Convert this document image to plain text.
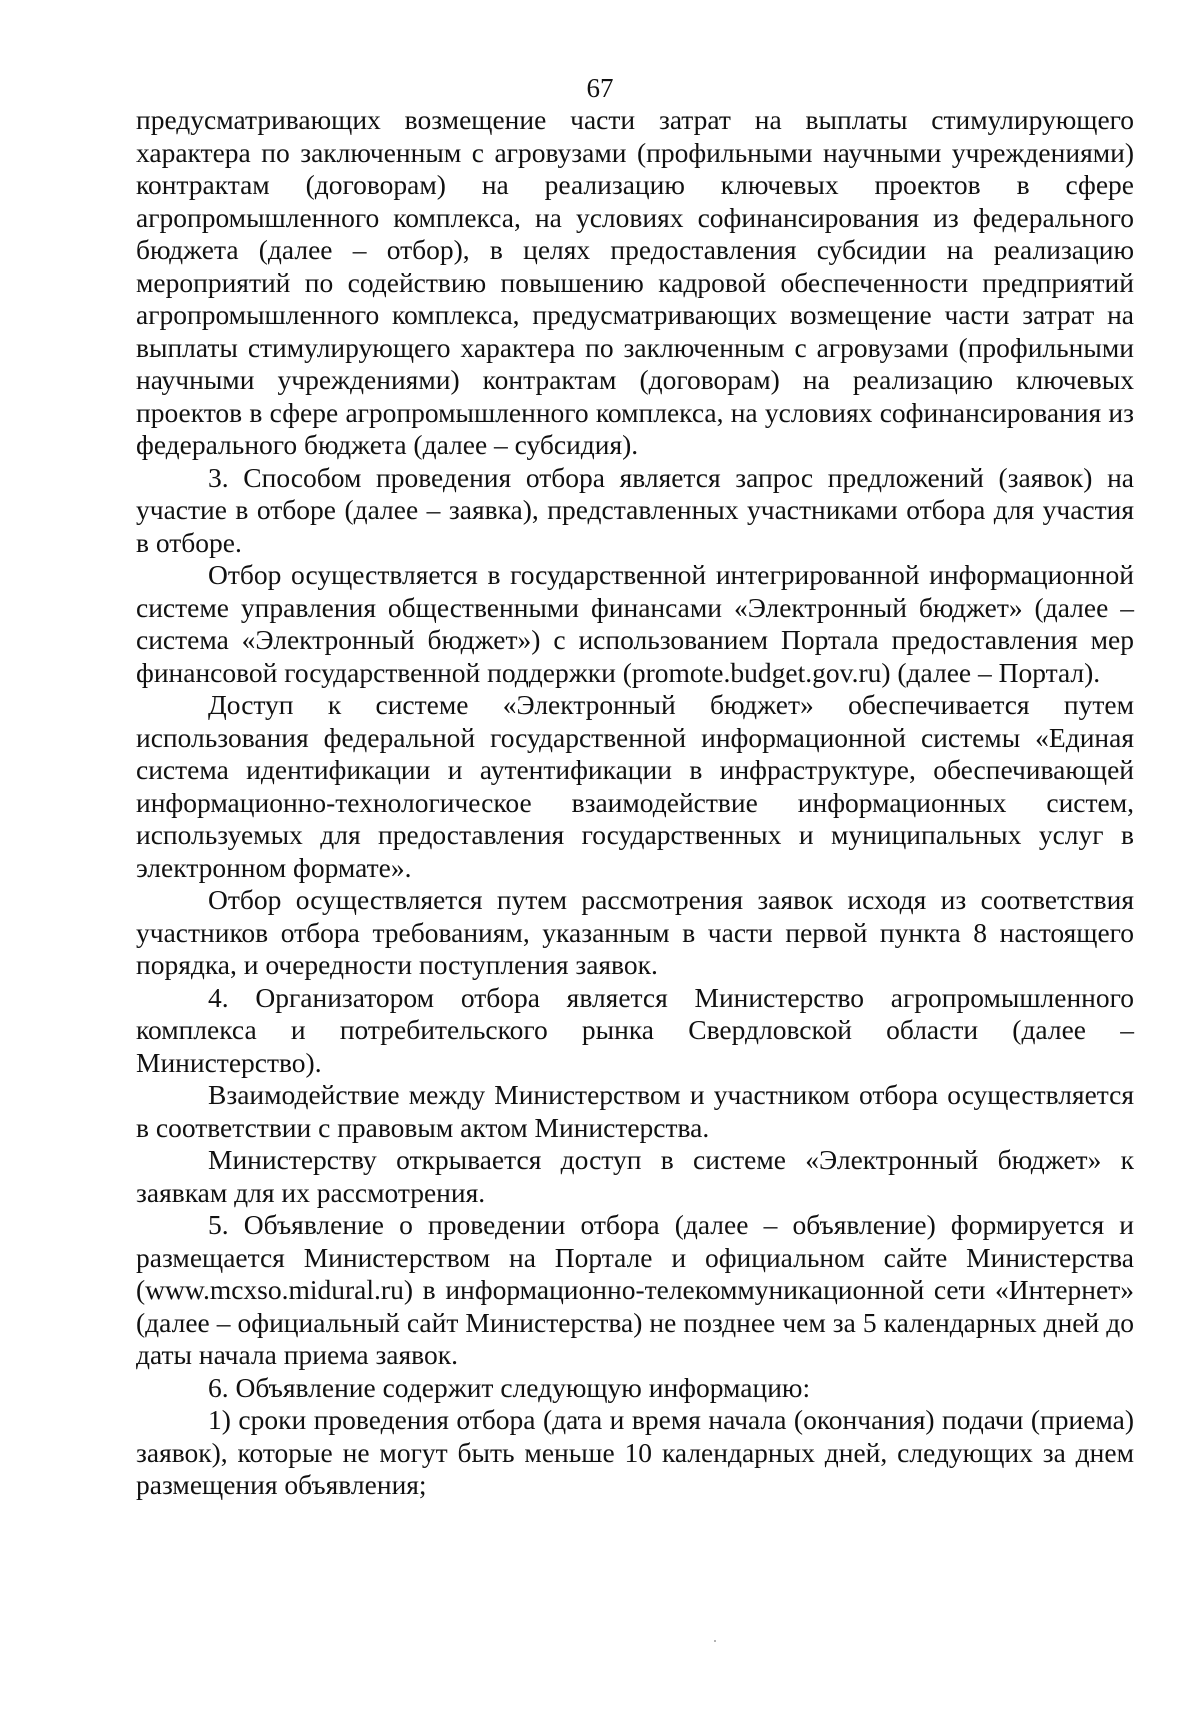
67

предусматривающих возмещение части затрат на выплаты стимулирующего характера по заключенным с агровузами (профильными научными учреждениями) контрактам (договорам) на реализацию ключевых проектов в сфере агропромышленного комплекса, на условиях софинансирования из федерального бюджета (далее – отбор), в целях предоставления субсидии на реализацию мероприятий по содействию повышению кадровой обеспеченности предприятий агропромышленного комплекса, предусматривающих возмещение части затрат на выплаты стимулирующего характера по заключенным с агровузами (профильными научными учреждениями) контрактам (договорам) на реализацию ключевых проектов в сфере агропромышленного комплекса, на условиях софинансирования из федерального бюджета (далее – субсидия).

3. Способом проведения отбора является запрос предложений (заявок) на участие в отборе (далее – заявка), представленных участниками отбора для участия в отборе.

Отбор осуществляется в государственной интегрированной информационной системе управления общественными финансами «Электронный бюджет» (далее – система «Электронный бюджет») с использованием Портала предоставления мер финансовой государственной поддержки (promote.budget.gov.ru) (далее – Портал).

Доступ к системе «Электронный бюджет» обеспечивается путем использования федеральной государственной информационной системы «Единая система идентификации и аутентификации в инфраструктуре, обеспечивающей информационно-технологическое взаимодействие информационных систем, используемых для предоставления государственных и муниципальных услуг в электронном формате».

Отбор осуществляется путем рассмотрения заявок исходя из соответствия участников отбора требованиям, указанным в части первой пункта 8 настоящего порядка, и очередности поступления заявок.

4. Организатором отбора является Министерство агропромышленного комплекса и потребительского рынка Свердловской области (далее – Министерство).

Взаимодействие между Министерством и участником отбора осуществляется в соответствии с правовым актом Министерства.

Министерству открывается доступ в системе «Электронный бюджет» к заявкам для их рассмотрения.

5. Объявление о проведении отбора (далее – объявление) формируется и размещается Министерством на Портале и официальном сайте Министерства (www.mcxso.midural.ru) в информационно-телекоммуникационной сети «Интернет» (далее – официальный сайт Министерства) не позднее чем за 5 календарных дней до даты начала приема заявок.

6. Объявление содержит следующую информацию:

1) сроки проведения отбора (дата и время начала (окончания) подачи (приема) заявок), которые не могут быть меньше 10 календарных дней, следующих за днем размещения объявления;
